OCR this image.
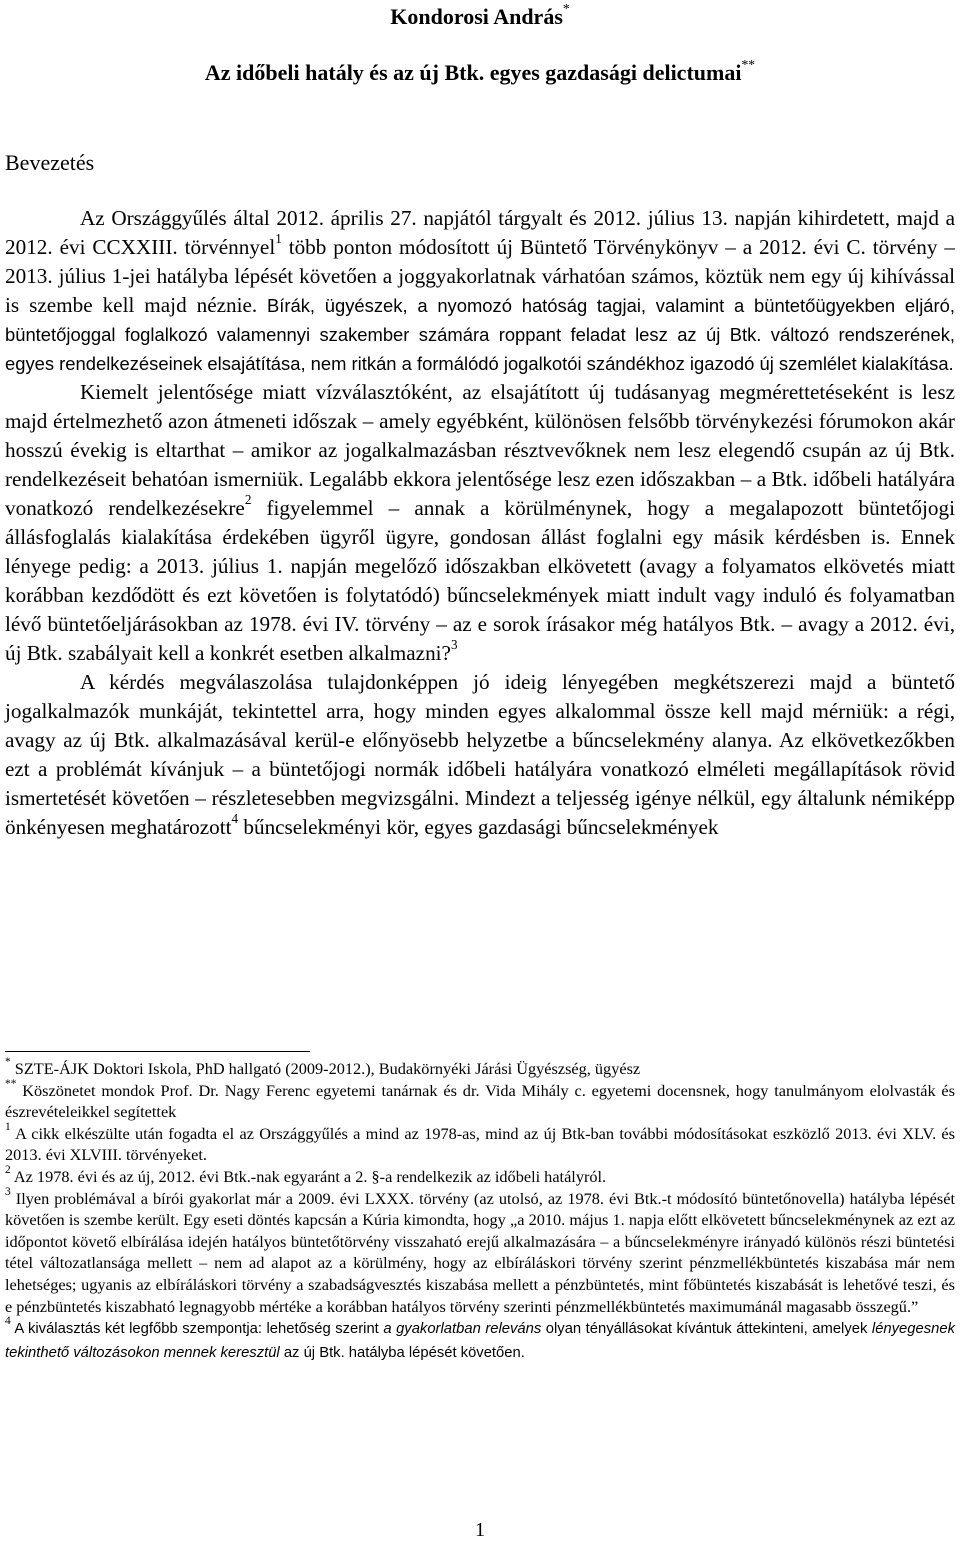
Kondorosi András*
Az időbeli hatály és az új Btk. egyes gazdasági delictumai**
Bevezetés

Az Országgyűlés által 2012. április 27. napjától tárgyalt és 2012. július 13. napján kihirdetett, majd a 2012. évi CCXXIII. törvénnyel$^1$ több ponton módosított új Büntető Törvénykönyv – a 2012. évi C. törvény – 2013. július 1-jei hatályba lépését követően a joggyakorlatnak várhatóan számos, köztük nem egy új kihívással is szembe kell majd néznie. Bírák, ügyészek, a nyomozó hatóság tagjai, valamint a büntetőügyekben eljáró, büntetőjoggal foglalkozó valamennyi szakember számára roppant feladat lesz az új Btk. változó rendszerének, egyes rendelkezéseinek elsajátítása, nem ritkán a formálódó jogalkotói szándékhoz igazodó új szemlélet kialakítása.

Kiemelt jelentősége miatt vízválasztóként, az elsajátított új tudásanyag megmérettetéseként is lesz majd értelmezhető azon átmeneti időszak – amely egyébként, különösen felsőbb törvénykezési fórumokon akár hosszú évekig is eltarthat – amikor az jogalkalmazásban résztvevőknek nem lesz elegendő csupán az új Btk. rendelkezéseit behatóan ismerniük. Legalább ekkora jelentősége lesz ezen időszakban – a Btk. időbeli hatályára vonatkozó rendelkezésekre$^2$ figyelemmel – annak a körülménynek, hogy a megalapozott büntetőjogi állásfoglalás kialakítása érdekében ügyről ügyre, gondosan állást foglalni egy másik kérdésben is. Ennek lényege pedig: a 2013. július 1. napján megelőző időszakban elkövetett (avagy a folyamatos elkövetés miatt korábban kezdődött és ezt követően is folytatódó) bűncselekmények miatt indult vagy induló és folyamatban lévő büntetőeljárásokban az 1978. évi IV. törvény – az e sorok írásakor még hatályos Btk. – avagy a 2012. évi, új Btk. szabályait kell a konkrét esetben alkalmazni?$^3$

A kérdés megválaszolása tulajdonképpen jó ideig lényegében megkétszerezi majd a büntető jogalkalmazók munkáját, tekintettel arra, hogy minden egyes alkalommal össze kell majd mérniük: a régi, avagy az új Btk. alkalmazásával kerül-e előnyösebb helyzetbe a bűncselekmény alanya. Az elkövetkezőkben ezt a problémát kívánjuk – a büntetőjogi normák időbeli hatályára vonatkozó elméleti megállapítások rövid ismertetését követően – részletesebben megvizsgálni. Mindezt a teljesség igénye nélkül, egy általunk némiképp önkényesen meghatározott$^4$ bűncselekményi kör, egyes gazdasági bűncselekmények

* SZTE-ÁJK Doktori Iskola, PhD hallgató (2009-2012.), Budakörnyéki Járási Ügyészség, ügyész

** Köszönetet mondok Prof. Dr. Nagy Ferenc egyetemi tanárnak és dr. Vida Mihály c. egyetemi docensnek, hogy tanulmányom elolvasták és észrevételeikkel segítettek

$^1$ A cikk elkészülte után fogadta el az Országgyűlés a mind az 1978-as, mind az új Btk-ban további módosításokat eszközlő 2013. évi XLV. és 2013. évi XLVIII. törvényeket.

$^2$ Az 1978. évi és az új, 2012. évi Btk.-nak egyaránt a 2. §-a rendelkezik az időbeli hatályról.

$^3$ Ilyen problémával a bírói gyakorlat már a 2009. évi LXXX. törvény (az utolsó, az 1978. évi Btk.-t módosító büntetőnovella) hatályba lépését követően is szembe került. Egy eseti döntés kapcsán a Kúria kimondta, hogy „a 2010. május 1. napja előtt elkövetett bűncselekménynek az ezt az időpontot követő elbírálása idején hatályos büntetőtörvény visszaható erejű alkalmazására – a bűncselekményre irányadó különös részi büntetési tétel változatlansága mellett – nem ad alapot az a körülmény, hogy az elbíráláskori törvény szerint pénzmellékbüntetés kiszabása már nem lehetséges; ugyanis az elbíráláskori törvény a szabadságvesztés kiszabása mellett a pénzbüntetés, mint főbüntetés kiszabását is lehetővé teszi, és e pénzbüntetés kiszabható legnagyobb mértéke a korábban hatályos törvény szerinti pénzmellékbüntetés maximumánál magasabb összegű.”

$^4$ A kiválasztás két legfőbb szempontja: lehetőség szerint a gyakorlatban releváns olyan tényállásokat kívántuk áttekinteni, amelyek lényegesnek tekinthető változásokon mennek keresztül az új Btk. hatályba lépését követően.

1
